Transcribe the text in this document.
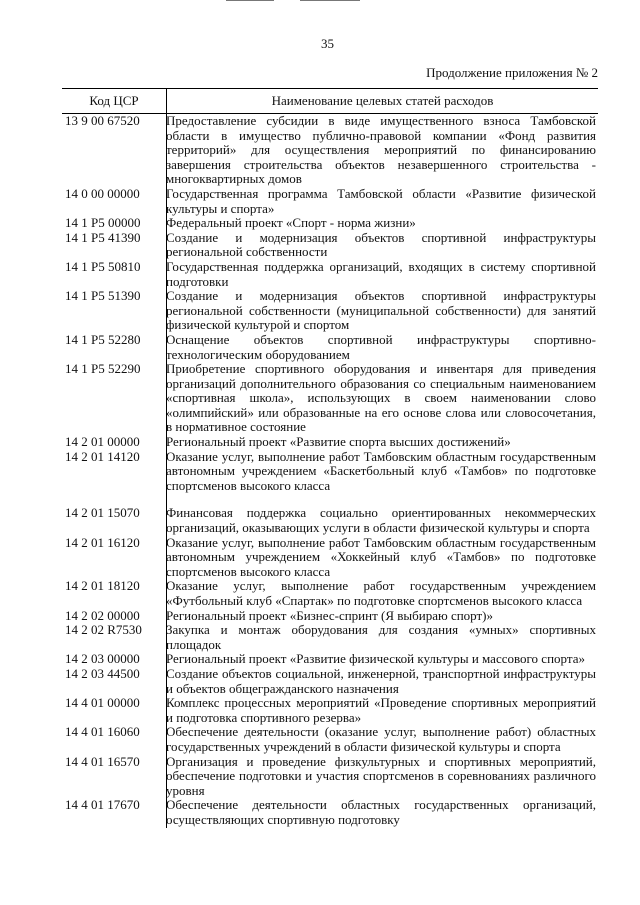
35
Продолжение приложения № 2
Код ЦСР	Наименование целевых статей расходов
13 9 00 67520	Предоставление субсидии в виде имущественного взноса Тамбовской области в имущество публично-правовой компании «Фонд развития территорий» для осуществления мероприятий по финансированию завершения строительства объектов незавершенного строительства - многоквартирных домов
14 0 00 00000	Государственная программа Тамбовской области «Развитие физической культуры и спорта»
14 1 P5 00000	Федеральный проект «Спорт - норма жизни»
14 1 P5 41390	Создание и модернизация объектов спортивной инфраструктуры региональной собственности
14 1 P5 50810	Государственная поддержка организаций, входящих в систему спортивной подготовки
14 1 P5 51390	Создание и модернизация объектов спортивной инфраструктуры региональной собственности (муниципальной собственности) для занятий физической культурой и спортом
14 1 P5 52280	Оснащение объектов спортивной инфраструктуры спортивно-технологическим оборудованием
14 1 P5 52290	Приобретение спортивного оборудования и инвентаря для приведения организаций дополнительного образования со специальным наименованием «спортивная школа», использующих в своем наименовании слово «олимпийский» или образованные на его основе слова или словосочетания, в нормативное состояние
14 2 01 00000	Региональный проект «Развитие спорта высших достижений»
14 2 01 14120	Оказание услуг, выполнение работ Тамбовским областным государственным автономным учреждением «Баскетбольный клуб «Тамбов» по подготовке спортсменов высокого класса
14 2 01 15070	Финансовая поддержка социально ориентированных некоммерческих организаций, оказывающих услуги в области физической культуры и спорта
14 2 01 16120	Оказание услуг, выполнение работ Тамбовским областным государственным автономным учреждением «Хоккейный клуб «Тамбов» по подготовке спортсменов высокого класса
14 2 01 18120	Оказание услуг, выполнение работ государственным учреждением «Футбольный клуб «Спартак» по подготовке спортсменов высокого класса
14 2 02 00000	Региональный проект «Бизнес-спринт (Я выбираю спорт)»
14 2 02 R7530	Закупка и монтаж оборудования для создания «умных» спортивных площадок
14 2 03 00000	Региональный проект «Развитие физической культуры и массового спорта»
14 2 03 44500	Создание объектов социальной, инженерной, транспортной инфраструктуры и объектов общегражданского назначения
14 4 01 00000	Комплекс процессных мероприятий «Проведение спортивных мероприятий и подготовка спортивного резерва»
14 4 01 16060	Обеспечение деятельности (оказание услуг, выполнение работ) областных государственных учреждений в области физической культуры и спорта
14 4 01 16570	Организация и проведение физкультурных и спортивных мероприятий, обеспечение подготовки и участия спортсменов в соревнованиях различного уровня
14 4 01 17670	Обеспечение деятельности областных государственных организаций, осуществляющих спортивную подготовку
